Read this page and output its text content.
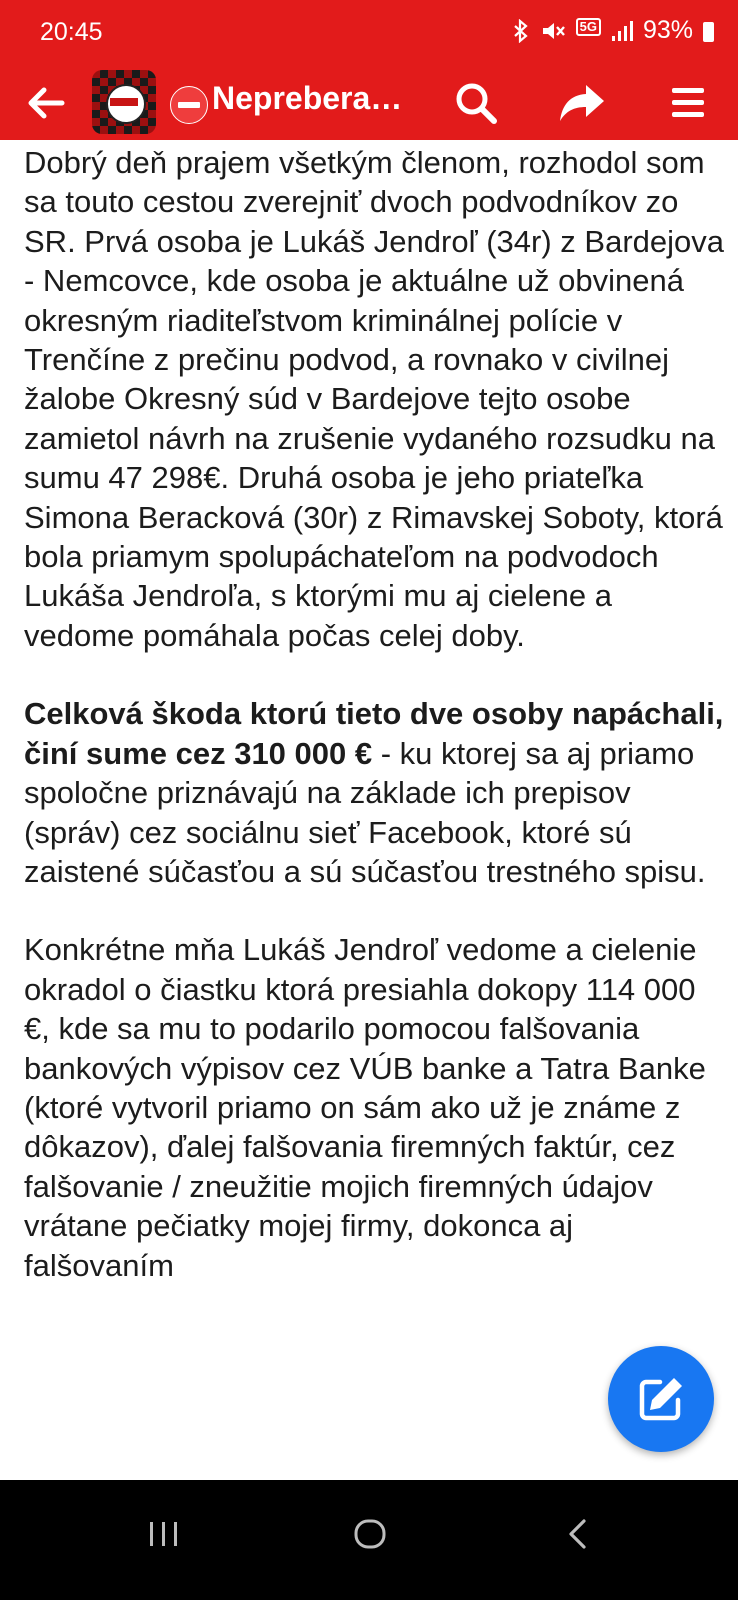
20:45	5G 93%
Neprebera…

Dobrý deň prajem všetkým členom, rozhodol som sa touto cestou zverejniť dvoch podvodníkov zo SR. Prvá osoba je Lukáš Jendroľ (34r) z Bardejova - Nemcovce, kde osoba je aktuálne už obvinená okresným riaditeľstvom kriminálnej polície v Trenčíne z prečinu podvod, a rovnako v civilnej žalobe Okresný súd v Bardejove tejto osobe zamietol návrh na zrušenie vydaného rozsudku na sumu 47 298€. Druhá osoba je jeho priateľka Simona Beracková (30r) z Rimavskej Soboty, ktorá bola priamym spolupáchateľom na podvodoch Lukáša Jendroľa, s ktorými mu aj cielene a vedome pomáhala počas celej doby.

Celková škoda ktorú tieto dve osoby napáchali, činí sume cez 310 000 € - ku ktorej sa aj priamo spoločne priznávajú na základe ich prepisov (správ) cez sociálnu sieť Facebook, ktoré sú zaistené súčasťou a sú súčasťou trestného spisu.

Konkrétne mňa Lukáš Jendroľ vedome a cielenie okradol o čiastku ktorá presiahla dokopy 114 000 €, kde sa mu to podarilo pomocou falšovania bankových výpisov cez VÚB banke a Tatra Banke (ktoré vytvoril priamo on sám ako už je známe z dôkazov), ďalej falšovania firemných faktúr, cez falšovanie / zneužitie mojich firemných údajov vrátane pečiatky mojej firmy, dokonca aj falšovaním
